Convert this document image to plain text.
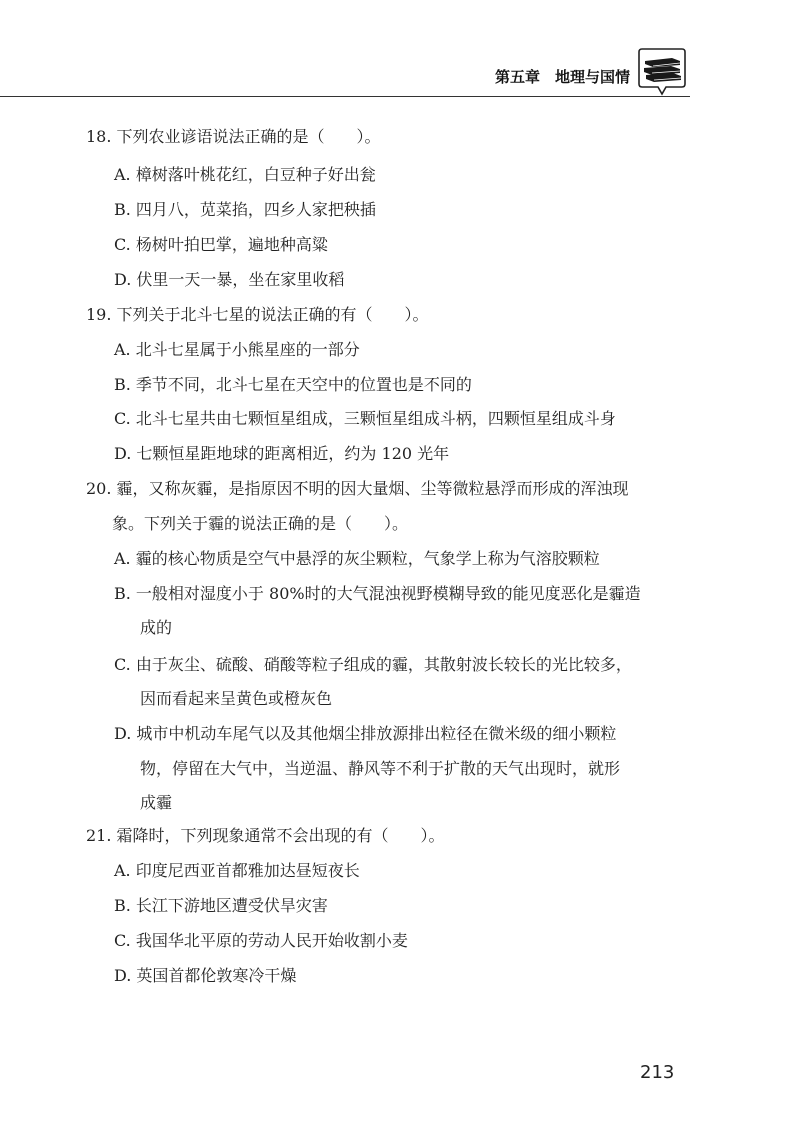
第五章　地理与国情
18. 下列农业谚语说法正确的是（　　）。
A. 樟树落叶桃花红，白豆种子好出瓮
B. 四月八，苋菜掐，四乡人家把秧插
C. 杨树叶拍巴掌，遍地种高粱
D. 伏里一天一暴，坐在家里收稻
19. 下列关于北斗七星的说法正确的有（　　）。
A. 北斗七星属于小熊星座的一部分
B. 季节不同，北斗七星在天空中的位置也是不同的
C. 北斗七星共由七颗恒星组成，三颗恒星组成斗柄，四颗恒星组成斗身
D. 七颗恒星距地球的距离相近，约为 120 光年
20. 霾，又称灰霾，是指原因不明的因大量烟、尘等微粒悬浮而形成的浑浊现
象。下列关于霾的说法正确的是（　　）。
A. 霾的核心物质是空气中悬浮的灰尘颗粒，气象学上称为气溶胶颗粒
B. 一般相对湿度小于 80%时的大气混浊视野模糊导致的能见度恶化是霾造
成的
C. 由于灰尘、硫酸、硝酸等粒子组成的霾，其散射波长较长的光比较多，
因而看起来呈黄色或橙灰色
D. 城市中机动车尾气以及其他烟尘排放源排出粒径在微米级的细小颗粒
物，停留在大气中，当逆温、静风等不利于扩散的天气出现时，就形
成霾
21. 霜降时，下列现象通常不会出现的有（　　）。
A. 印度尼西亚首都雅加达昼短夜长
B. 长江下游地区遭受伏旱灾害
C. 我国华北平原的劳动人民开始收割小麦
D. 英国首都伦敦寒冷干燥
213
